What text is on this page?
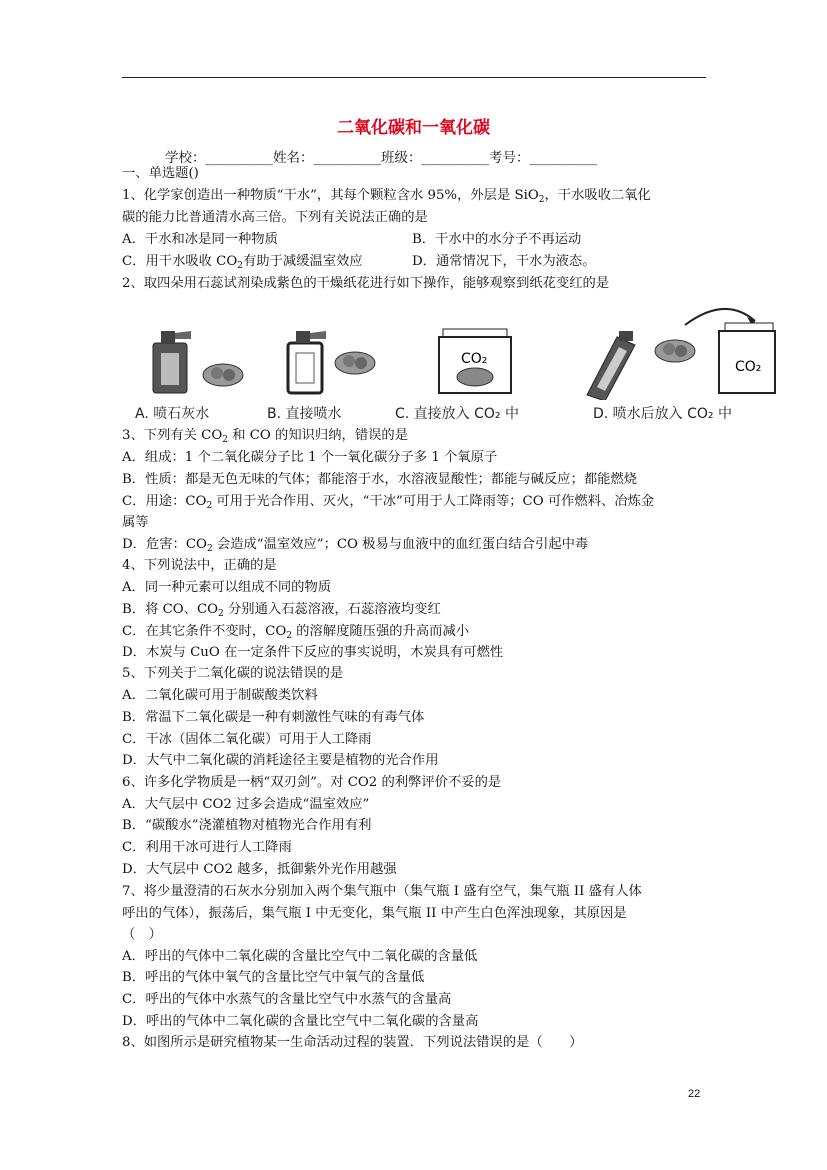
二氧化碳和一氧化碳
学校：__________姓名：__________班级：__________考号：__________
一、单选题()
1、化学家创造出一种物质“干水”，其每个颗粒含水 95%，外层是 SiO$_2$，干水吸收二氧化
碳的能力比普通清水高三倍。下列有关说法正确的是
A．干水和冰是同一种物质	B．干水中的水分子不再运动
C．用干水吸收 $CO_2$有助于减缓温室效应	D．通常情况下，干水为液态。
2、取四朵用石蕊试剂染成紫色的干燥纸花进行如下操作，能够观察到纸花变红的是
CO₂	CO₂
A. 喷石灰水	B. 直接喷水	C. 直接放入 CO₂ 中	D. 喷水后放入 CO₂ 中
3、下列有关 $CO_2$ 和 CO 的知识归纳，错误的是
A．组成：1 个二氧化碳分子比 1 个一氧化碳分子多 1 个氧原子
B．性质：都是无色无味的气体；都能溶于水，水溶液显酸性；都能与碱反应；都能燃烧
C．用途：$CO_2$ 可用于光合作用、灭火，“干冰”可用于人工降雨等；CO 可作燃料、冶炼金
属等
D．危害：$CO_2$ 会造成“温室效应”；CO 极易与血液中的血红蛋白结合引起中毒
4、下列说法中，正确的是
A．同一种元素可以组成不同的物质
B．将 CO、$CO_2$ 分别通入石蕊溶液，石蕊溶液均变红
C．在其它条件不变时，$CO_2$ 的溶解度随压强的升高而减小
D．木炭与 CuO 在一定条件下反应的事实说明，木炭具有可燃性
5、下列关于二氧化碳的说法错误的是
A．二氧化碳可用于制碳酸类饮料
B．常温下二氧化碳是一种有刺激性气味的有毒气体
C．干冰（固体二氧化碳）可用于人工降雨
D．大气中二氧化碳的消耗途径主要是植物的光合作用
6、许多化学物质是一柄“双刃剑”。对 CO2 的利弊评价不妥的是
A．大气层中 CO2 过多会造成“温室效应”
B．“碳酸水”浇灌植物对植物光合作用有利
C．利用干冰可进行人工降雨
D．大气层中 CO2 越多，抵御紫外光作用越强
7、将少量澄清的石灰水分别加入两个集气瓶中（集气瓶 I 盛有空气，集气瓶 II 盛有人体
呼出的气体），振荡后，集气瓶 I 中无变化，集气瓶 II 中产生白色浑浊现象，其原因是
（　）
A．呼出的气体中二氧化碳的含量比空气中二氧化碳的含量低
B．呼出的气体中氧气的含量比空气中氧气的含量低
C．呼出的气体中水蒸气的含量比空气中水蒸气的含量高
D．呼出的气体中二氧化碳的含量比空气中二氧化碳的含量高
8、如图所示是研究植物某一生命活动过程的装置．下列说法错误的是（　　）
22
